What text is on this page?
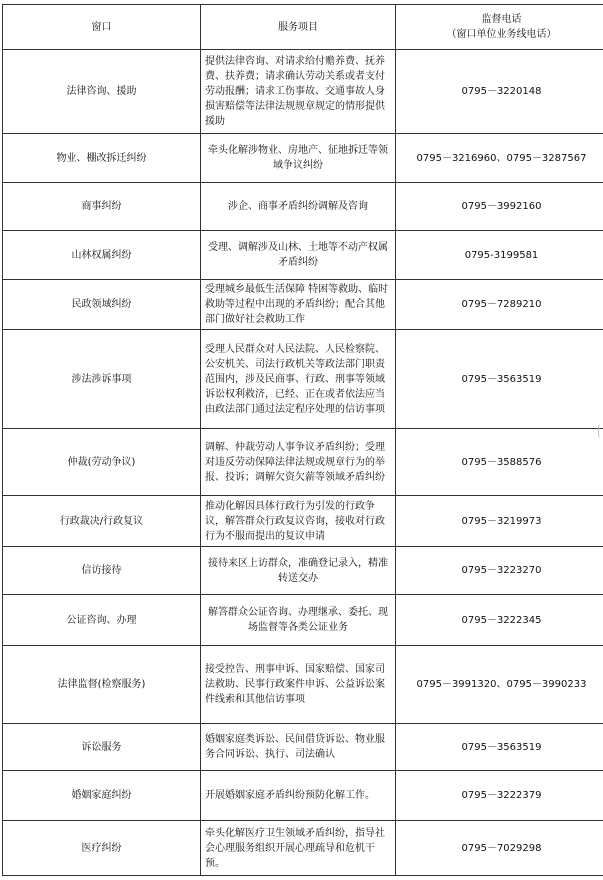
窗口	服务项目	监督电话
（窗口单位业务线电话）

法律咨询、援助	提供法律咨询、对请求给付赡养费、抚养费、扶养费；请求确认劳动关系或者支付劳动报酬；请求工伤事故、交通事故人身损害赔偿等法律法规规章规定的情形提供援助	0795－3220148
物业、棚改拆迁纠纷	牵头化解涉物业、房地产、征地拆迁等领域争议纠纷	0795－3216960、0795－3287567
商事纠纷	涉企、商事矛盾纠纷调解及咨询	0795－3992160
山林权属纠纷	受理、调解涉及山林、土地等不动产权属矛盾纠纷	0795-3199581
民政领域纠纷	受理城乡最低生活保障 特困等救助、临时救助等过程中出现的矛盾纠纷；配合其他部门做好社会救助工作	0795－7289210
涉法涉诉事项	受理人民群众对人民法院、人民检察院、公安机关、司法行政机关等政法部门职责范围内，涉及民商事、行政、刑事等领域诉讼权利救济，已经、正在或者依法应当由政法部门通过法定程序处理的信访事项	0795－3563519
仲裁(劳动争议)	调解、仲裁劳动人事争议矛盾纠纷；受理对违反劳动保障法律法规或规章行为的举报、投诉；调解欠资欠薪等领域矛盾纠纷	0795－3588576
行政裁决/行政复议	推动化解因具体行政行为引发的行政争议，解答群众行政复议咨询，接收对行政行为不服而提出的复议申请	0795－3219973
信访接待	接待来区上访群众，准确登记录入，精准转送交办	0795－3223270
公证咨询、办理	解答群众公证咨询、办理继承、委托、现场监督等各类公证业务	0795－3222345
法律监督(检察服务)	接受控告、刑事申诉、国家赔偿、国家司法救助、民事行政案件申诉、公益诉讼案件线索和其他信访事项	0795－3991320、0795－3990233
诉讼服务	婚姻家庭类诉讼、民间借贷诉讼、物业服务合同诉讼、执行、司法确认	0795－3563519
婚姻家庭纠纷	开展婚姻家庭矛盾纠纷预防化解工作。	0795－3222379
医疗纠纷	牵头化解医疗卫生领域矛盾纠纷，指导社会心理服务组织开展心理疏导和危机干预。	0795－7029298
